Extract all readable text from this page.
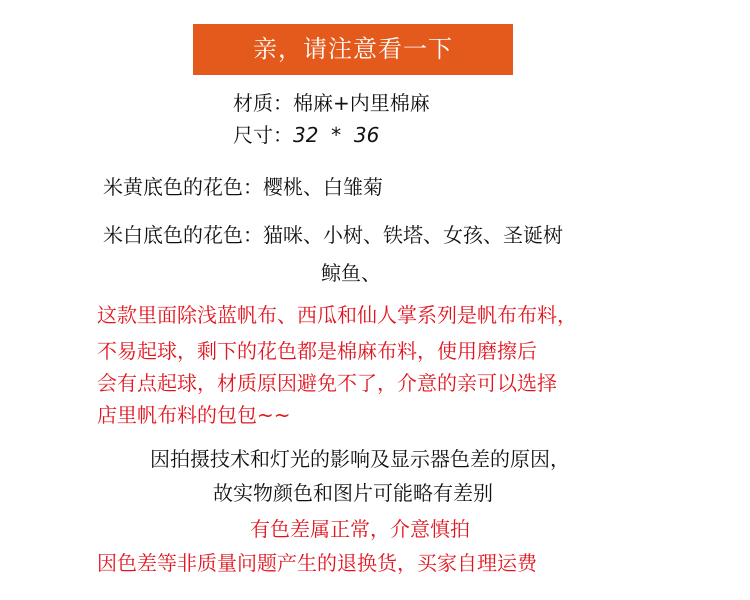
亲，请注意看一下
材质：棉麻+内里棉麻
尺寸：32  *  36
米黄底色的花色：樱桃、白雏菊
米白底色的花色：猫咪、小树、铁塔、女孩、圣诞树
鲸鱼、
这款里面除浅蓝帆布、西瓜和仙人掌系列是帆布布料，
不易起球，剩下的花色都是棉麻布料，使用磨擦后
会有点起球，材质原因避免不了，介意的亲可以选择
店里帆布料的包包~~
因拍摄技术和灯光的影响及显示器色差的原因，
故实物颜色和图片可能略有差别
有色差属正常，介意慎拍
因色差等非质量问题产生的退换货，买家自理运费
